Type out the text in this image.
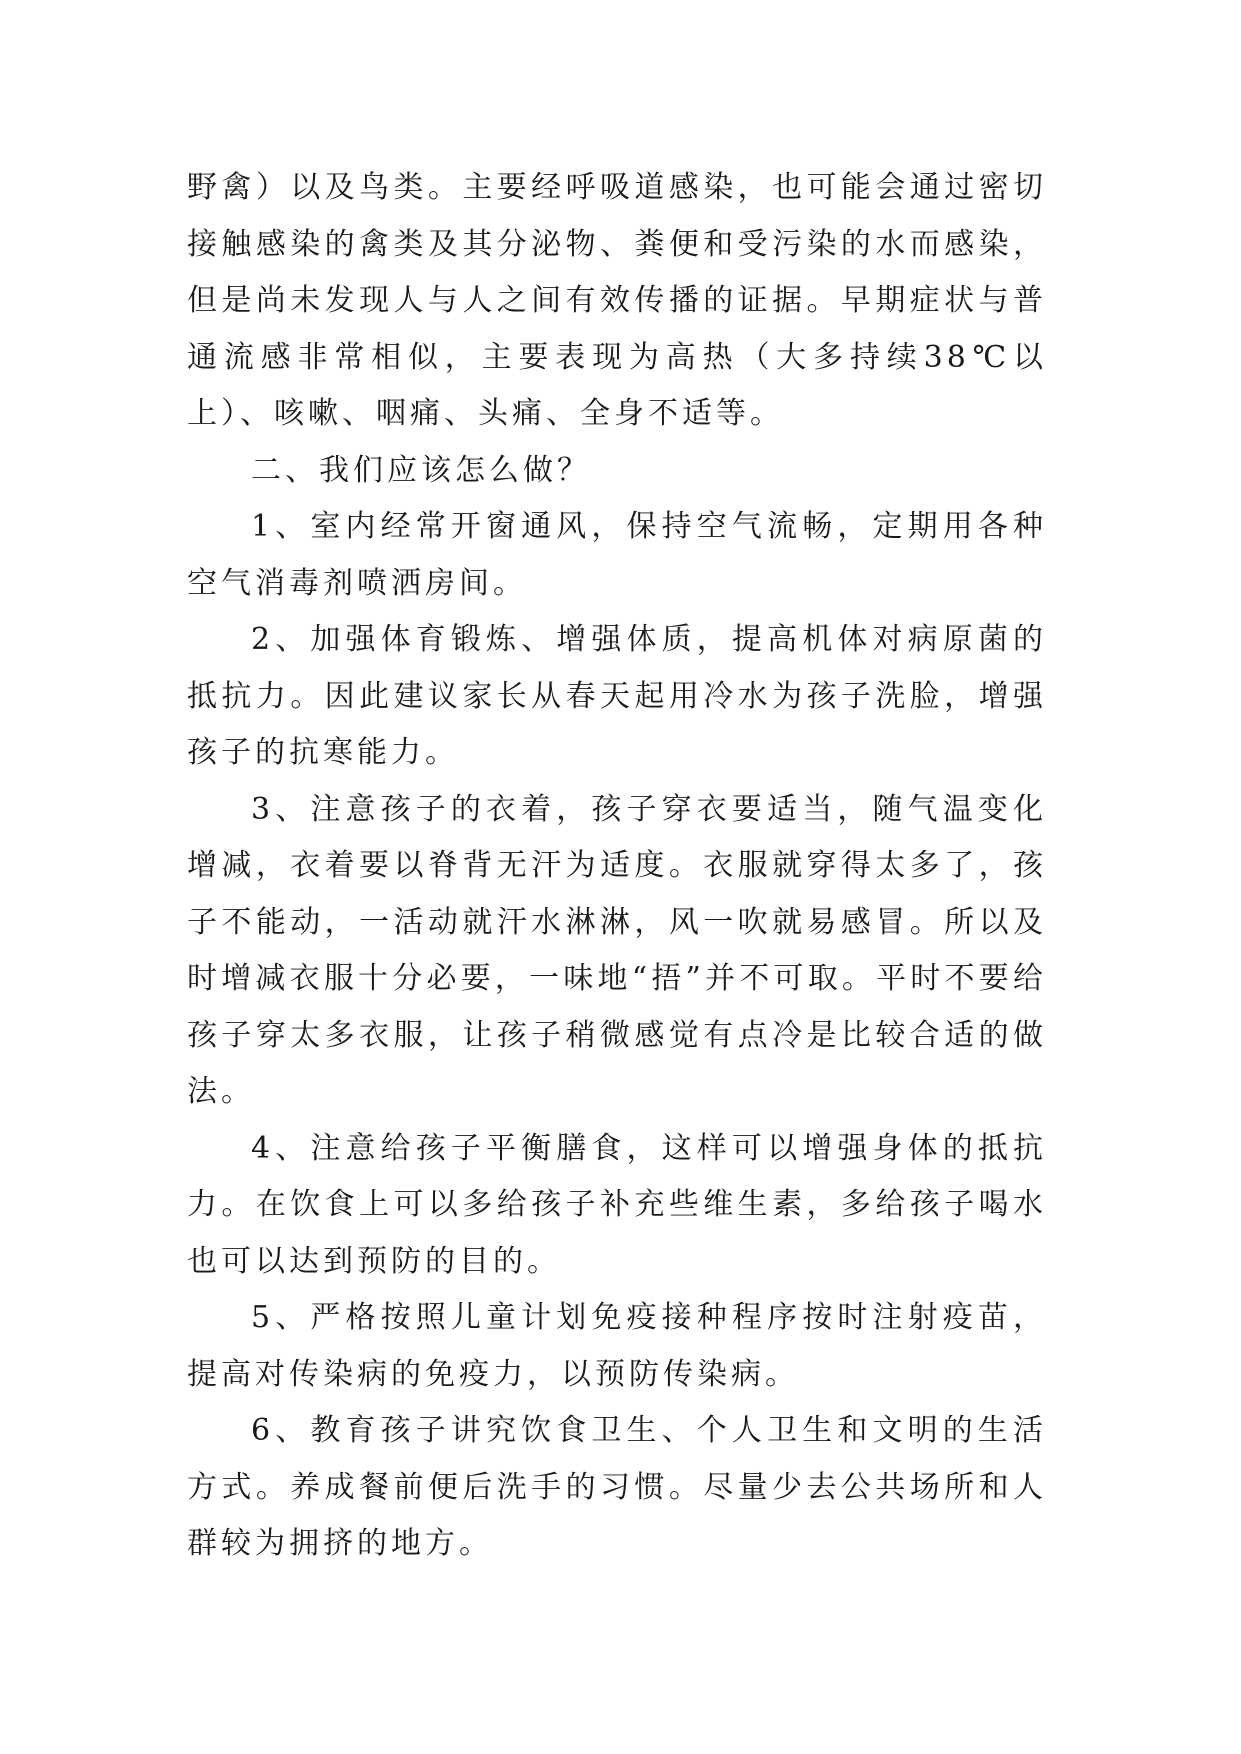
野禽）以及鸟类。主要经呼吸道感染，也可能会通过密切接触感染的禽类及其分泌物、粪便和受污染的水而感染，但是尚未发现人与人之间有效传播的证据。早期症状与普通流感非常相似，主要表现为高热（大多持续38℃以上）、咳嗽、咽痛、头痛、全身不适等。

二、我们应该怎么做？

1、室内经常开窗通风，保持空气流畅，定期用各种空气消毒剂喷洒房间。

2、加强体育锻炼、增强体质，提高机体对病原菌的抵抗力。因此建议家长从春天起用冷水为孩子洗脸，增强孩子的抗寒能力。

3、注意孩子的衣着，孩子穿衣要适当，随气温变化增减，衣着要以脊背无汗为适度。衣服就穿得太多了，孩子不能动，一活动就汗水淋淋，风一吹就易感冒。所以及时增减衣服十分必要，一味地“捂”并不可取。平时不要给孩子穿太多衣服，让孩子稍微感觉有点冷是比较合适的做法。

4、注意给孩子平衡膳食，这样可以增强身体的抵抗力。在饮食上可以多给孩子补充些维生素，多给孩子喝水也可以达到预防的目的。

5、严格按照儿童计划免疫接种程序按时注射疫苗，提高对传染病的免疫力，以预防传染病。

6、教育孩子讲究饮食卫生、个人卫生和文明的生活方式。养成餐前便后洗手的习惯。尽量少去公共场所和人群较为拥挤的地方。
